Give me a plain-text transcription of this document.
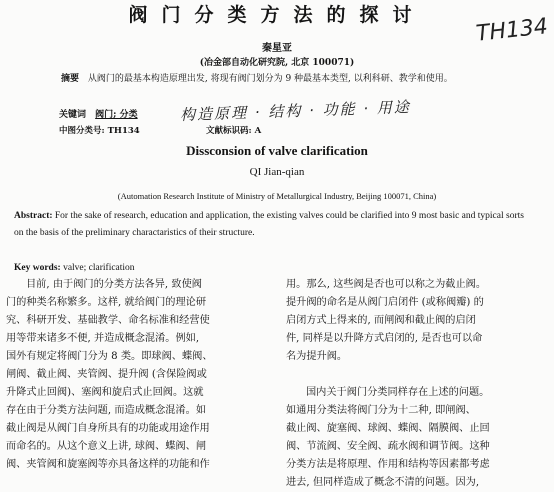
阀门分类方法的探讨	TH134
秦星亚
(冶金部自动化研究院, 北京 100071)
摘要 从阀门的最基本构造原理出发, 将现有阀门划分为 9 种最基本类型, 以利科研、教学和使用。
关键词 阀门; 分类	构造原理 · 结构 · 功能 · 用途
中图分类号: TH134	文献标识码: A
Dissconsion of valve clarification
QI Jian-qian
(Automation Research Institute of Ministry of Metallurgical Industry, Beijing 100071, China)
Abstract: For the sake of research, education and application, the existing valves could be clarified into 9 most basic and typical sorts on the basis of the preliminary charactaristics of their structure.
Key words: valve; clarification
目前, 由于阀门的分类方法各异, 致使阀
门的种类名称繁多。这样, 就给阀门的理论研
究、科研开发、基础教学、命名标准和经营使
用等带来诸多不便, 并造成概念混淆。例如,
国外有规定将阀门分为 8 类。即球阀、蝶阀、
闸阀、截止阀、夹管阀、提升阀 (含保险阀或
升降式止回阀)、塞阀和旋启式止回阀。这就
存在由于分类方法问题, 而造成概念混淆。如
截止阀是从阀门自身所具有的功能或用途作用
而命名的。从这个意义上讲, 球阀、蝶阀、闸
阀、夹管阀和旋塞阀等亦具备这样的功能和作
用。那么, 这些阀是否也可以称之为截止阀。
提升阀的命名是从阀门启闭件 (或称阀瓣) 的
启闭方式上得来的, 而闸阀和截止阀的启闭
件, 同样是以升降方式启闭的, 是否也可以命
名为提升阀。
国内关于阀门分类同样存在上述的问题。
如通用分类法将阀门分为十二种, 即闸阀、
截止阀、旋塞阀、球阀、蝶阀、隔膜阀、止回
阀、节流阀、安全阀、疏水阀和调节阀。这种
分类方法是将原理、作用和结构等因素都考虑
进去, 但同样造成了概念不清的问题。因为,
